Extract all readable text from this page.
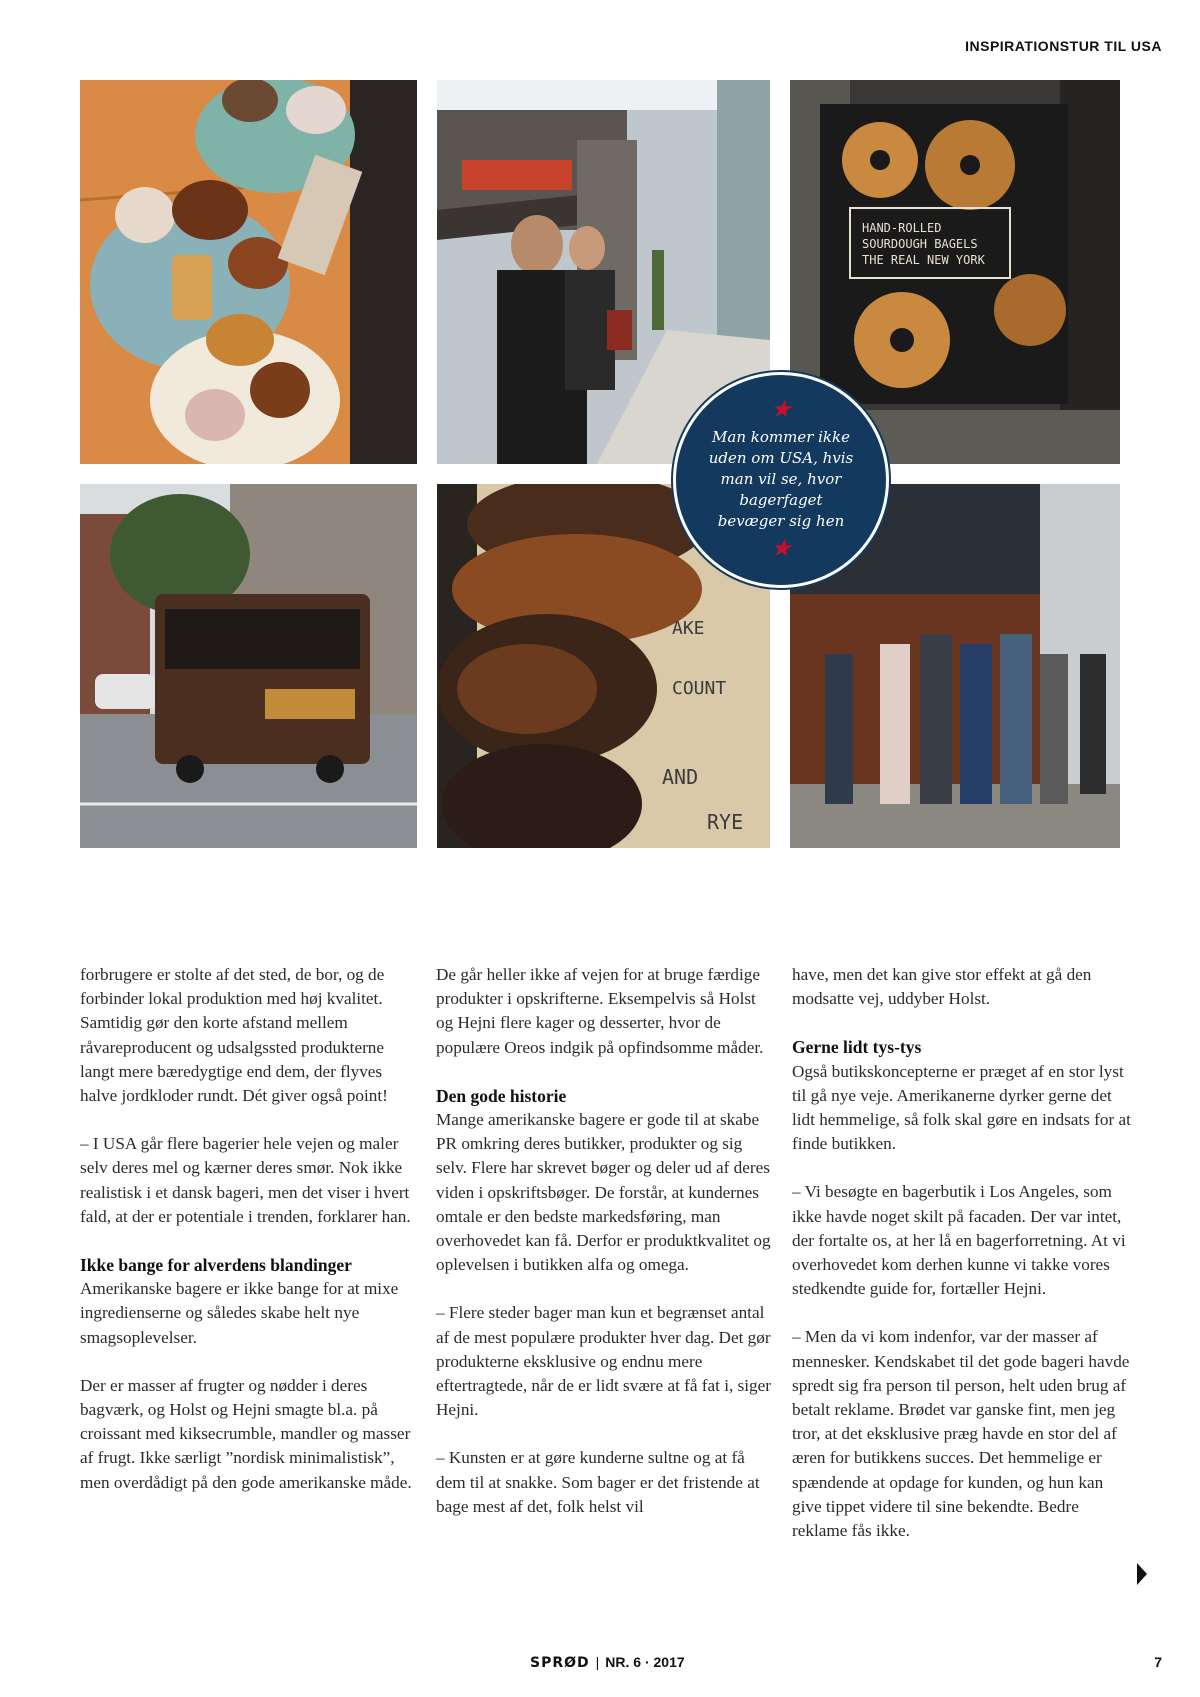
INSPIRATIONSTUR TIL USA
HAND-ROLLED
SOURDOUGH BAGELS
THE REAL NEW YORK
AKE
COUNT
AND
RYE
★
Man kommer ikke uden om USA, hvis man vil se, hvor bagerfaget bevæger sig hen
★

forbrugere er stolte af det sted, de bor, og de forbinder lokal produktion med høj kvalitet. Samtidig gør den korte afstand mellem råvareproducent og udsalgssted produkterne langt mere bæredygtige end dem, der flyves halve jordkloder rundt. Dét giver også point!

– I USA går flere bagerier hele vejen og maler selv deres mel og kærner deres smør. Nok ikke realistisk i et dansk bageri, men det viser i hvert fald, at der er potentiale i trenden, forklarer han.

Ikke bange for alverdens blandinger

Amerikanske bagere er ikke bange for at mixe ingredienserne og således skabe helt nye smagsoplevelser.

Der er masser af frugter og nødder i deres bagværk, og Holst og Hejni smagte bl.a. på croissant med kiksecrumble, mandler og masser af frugt. Ikke særligt ”nordisk minimalistisk”, men overdådigt på den gode amerikanske måde.

De går heller ikke af vejen for at bruge færdige produkter i opskrifterne. Eksempelvis så Holst og Hejni flere kager og desserter, hvor de populære Oreos indgik på opfindsomme måder.

Den gode historie

Mange amerikanske bagere er gode til at skabe PR omkring deres butikker, produkter og sig selv. Flere har skrevet bøger og deler ud af deres viden i opskriftsbøger. De forstår, at kundernes omtale er den bedste markedsføring, man overhovedet kan få. Derfor er produktkvalitet og oplevelsen i butikken alfa og omega.

– Flere steder bager man kun et begrænset antal af de mest populære produkter hver dag. Det gør produkterne eksklusive og endnu mere eftertragtede, når de er lidt svære at få fat i, siger Hejni.

– Kunsten er at gøre kunderne sultne og at få dem til at snakke. Som bager er det fristende at bage mest af det, folk helst vil

have, men det kan give stor effekt at gå den modsatte vej, uddyber Holst.

Gerne lidt tys-tys

Også butikskoncepterne er præget af en stor lyst til gå nye veje. Amerikanerne dyrker gerne det lidt hemmelige, så folk skal gøre en indsats for at finde butikken.

– Vi besøgte en bagerbutik i Los Angeles, som ikke havde noget skilt på facaden. Der var intet, der fortalte os, at her lå en bagerforretning. At vi overhovedet kom derhen kunne vi takke vores stedkendte guide for, fortæller Hejni.

– Men da vi kom indenfor, var der masser af mennesker. Kendskabet til det gode bageri havde spredt sig fra person til person, helt uden brug af betalt reklame. Brødet var ganske fint, men jeg tror, at det eksklusive præg havde en stor del af æren for butikkens succes. Det hemmelige er spændende at opdage for kunden, og hun kan give tippet videre til sine bekendte. Bedre reklame fås ikke.

SPRØD | NR. 6 · 2017	7
